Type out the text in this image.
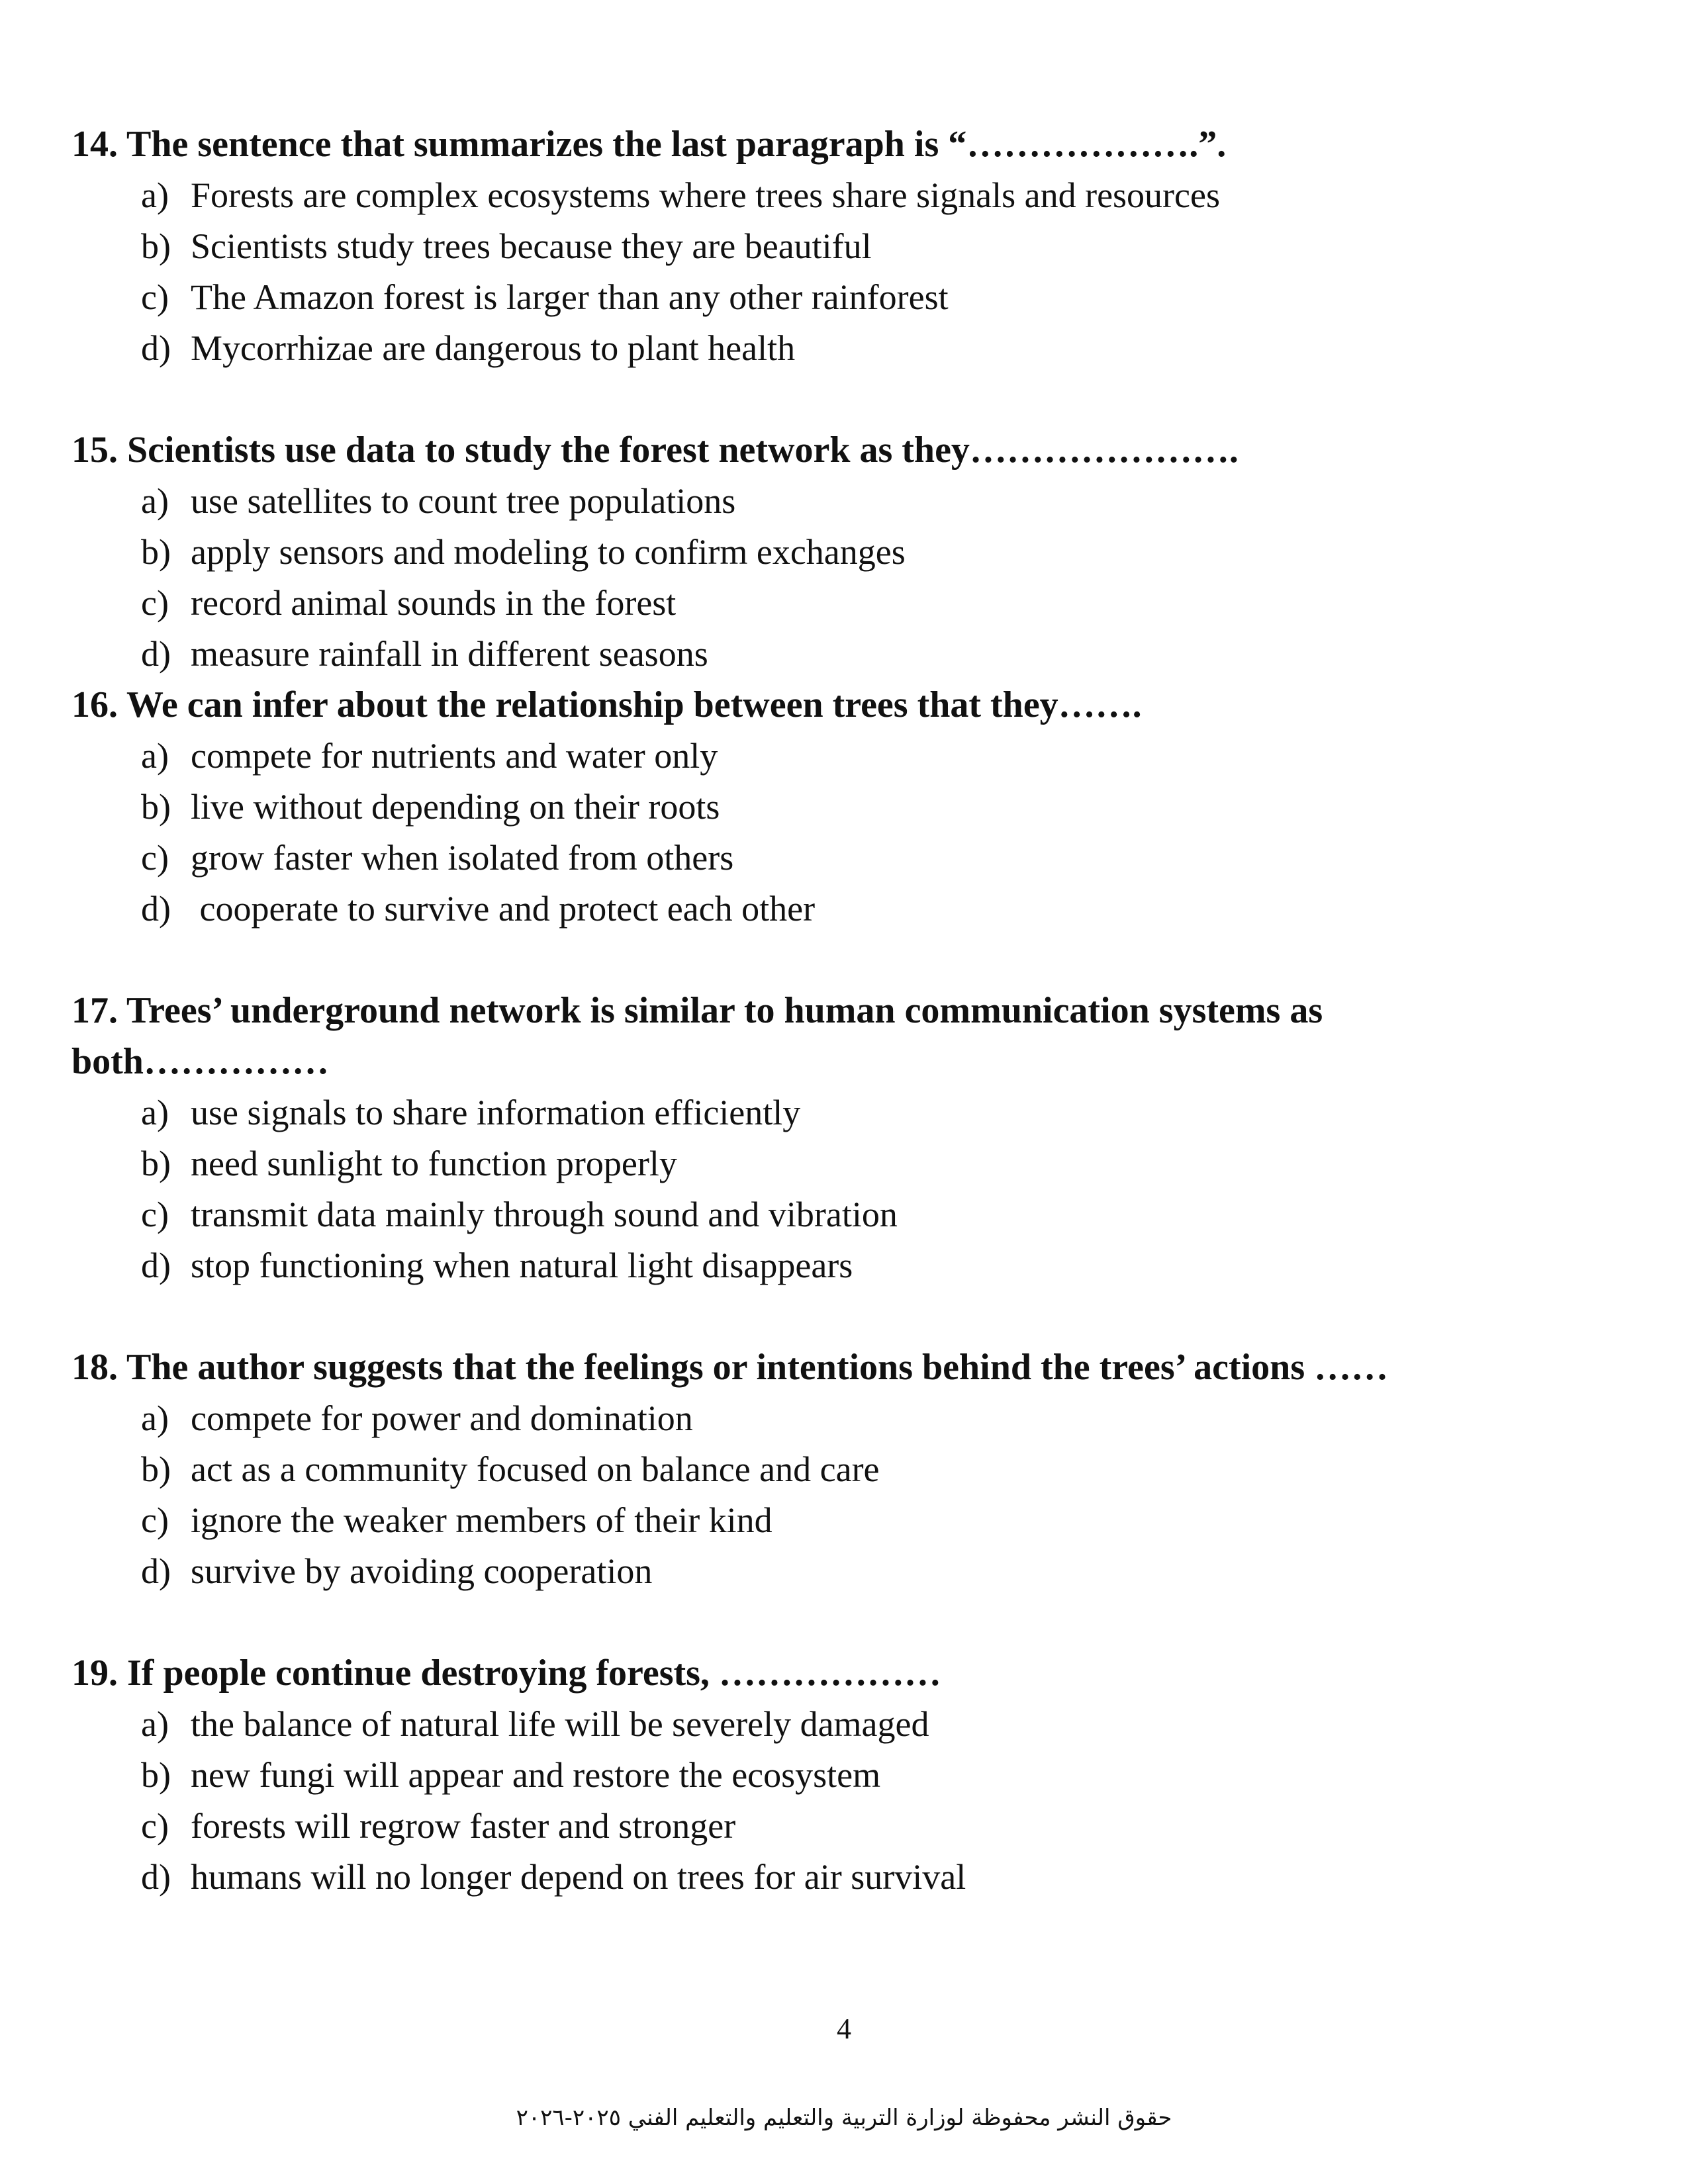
14. The sentence that summarizes the last paragraph is “……………….”.

a) Forests are complex ecosystems where trees share signals and resources
b) Scientists study trees because they are beautiful
c) The Amazon forest is larger than any other rainforest
d) Mycorrhizae are dangerous to plant health

15. Scientists use data to study the forest network as they………………….

a) use satellites to count tree populations
b) apply sensors and modeling to confirm exchanges
c) record animal sounds in the forest
d) measure rainfall in different seasons

16. We can infer about the relationship between trees that they…….

a) compete for nutrients and water only
b) live without depending on their roots
c) grow faster when isolated from others
d) cooperate to survive and protect each other

17. Trees’ underground network is similar to human communication systems as

both……………

a) use signals to share information efficiently
b) need sunlight to function properly
c) transmit data mainly through sound and vibration
d) stop functioning when natural light disappears

18. The author suggests that the feelings or intentions behind the trees’ actions ……

a) compete for power and domination
b) act as a community focused on balance and care
c) ignore the weaker members of their kind
d) survive by avoiding cooperation

19. If people continue destroying forests, ………………

a) the balance of natural life will be severely damaged
b) new fungi will appear and restore the ecosystem
c) forests will regrow faster and stronger
d) humans will no longer depend on trees for air survival
4
حقوق النشر محفوظة لوزارة التربية والتعليم والتعليم الفني ٢٠٢٥-٢٠٢٦
